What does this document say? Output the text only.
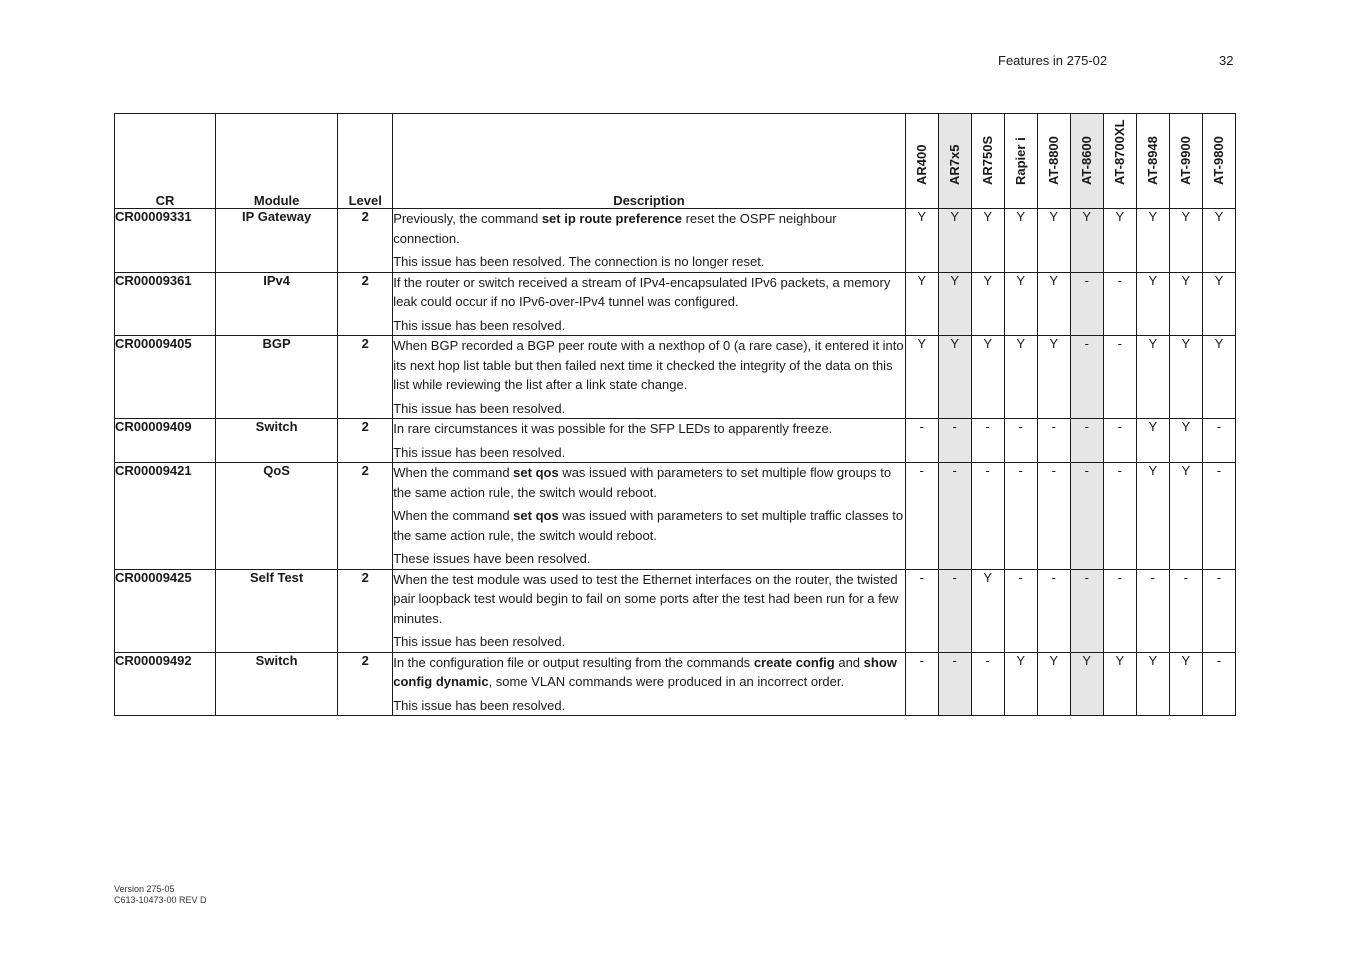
Features in 275-02	32
CR	Module	Level	Description	AR400	AR7x5	AR750S	Rapier i	AT-8800	AT-8600	AT-8700XL	AT-8948	AT-9900	AT-9800

CR00009331	IP Gateway	2	Previously, the command set ip route preference reset the OSPF neighbour connection.

This issue has been resolved. The connection is no longer reset.	Y	Y	Y	Y	Y	Y	Y	Y	Y	Y
CR00009361	IPv4	2	If the router or switch received a stream of IPv4-encapsulated IPv6 packets, a memory leak could occur if no IPv6-over-IPv4 tunnel was configured.

This issue has been resolved.	Y	Y	Y	Y	Y	-	-	Y	Y	Y
CR00009405	BGP	2	When BGP recorded a BGP peer route with a nexthop of 0 (a rare case), it entered it into its next hop list table but then failed next time it checked the integrity of the data on this list while reviewing the list after a link state change.

This issue has been resolved.	Y	Y	Y	Y	Y	-	-	Y	Y	Y
CR00009409	Switch	2	In rare circumstances it was possible for the SFP LEDs to apparently freeze.

This issue has been resolved.	-	-	-	-	-	-	-	Y	Y	-
CR00009421	QoS	2	When the command set qos was issued with parameters to set multiple flow groups to the same action rule, the switch would reboot.

When the command set qos was issued with parameters to set multiple traffic classes to the same action rule, the switch would reboot.

These issues have been resolved.	-	-	-	-	-	-	-	Y	Y	-
CR00009425	Self Test	2	When the test module was used to test the Ethernet interfaces on the router, the twisted pair loopback test would begin to fail on some ports after the test had been run for a few minutes.

This issue has been resolved.	-	-	Y	-	-	-	-	-	-	-
CR00009492	Switch	2	In the configuration file or output resulting from the commands create config and show config dynamic, some VLAN commands were produced in an incorrect order.

This issue has been resolved.	-	-	-	Y	Y	Y	Y	Y	Y	-
Version 275-05
C613-10473-00 REV D
